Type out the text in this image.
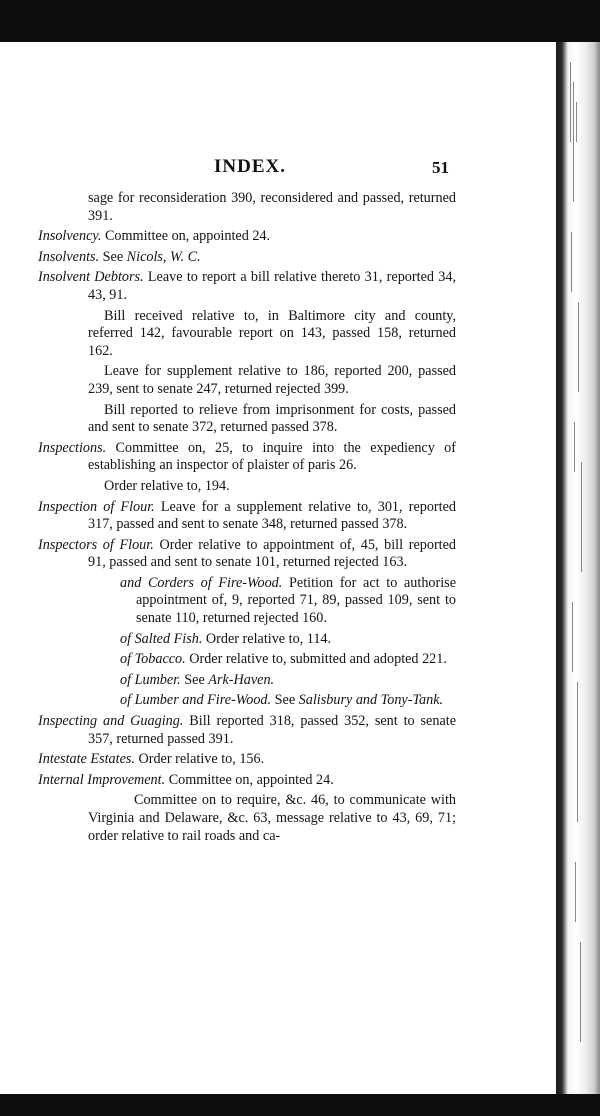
INDEX.	51
sage for reconsideration 390, reconsidered and passed, returned 391.
Insolvency. Committee on, appointed 24.
Insolvents. See Nicols, W. C.
Insolvent Debtors. Leave to report a bill relative thereto 31, reported 34, 43, 91.
Bill received relative to, in Baltimore city and county, referred 142, favourable report on 143, passed 158, returned 162.
Leave for supplement relative to 186, reported 200, passed 239, sent to senate 247, returned rejected 399.
Bill reported to relieve from imprisonment for costs, passed and sent to senate 372, returned passed 378.
Inspections. Committee on, 25, to inquire into the expediency of establishing an inspector of plaister of paris 26.
Order relative to, 194.
Inspection of Flour. Leave for a supplement relative to, 301, reported 317, passed and sent to senate 348, returned passed 378.
Inspectors of Flour. Order relative to appointment of, 45, bill reported 91, passed and sent to senate 101, returned rejected 163.
and Corders of Fire-Wood. Petition for act to authorise appointment of, 9, reported 71, 89, passed 109, sent to senate 110, returned rejected 160.
of Salted Fish. Order relative to, 114.
of Tobacco. Order relative to, submitted and adopted 221.
of Lumber. See Ark-Haven.
of Lumber and Fire-Wood. See Salisbury and Tony-Tank.
Inspecting and Guaging. Bill reported 318, passed 352, sent to senate 357, returned passed 391.
Intestate Estates. Order relative to, 156.
Internal Improvement. Committee on, appointed 24.
Committee on to require, &c. 46, to communicate with Virginia and Delaware, &c. 63, message relative to 43, 69, 71; order relative to rail roads and ca-
